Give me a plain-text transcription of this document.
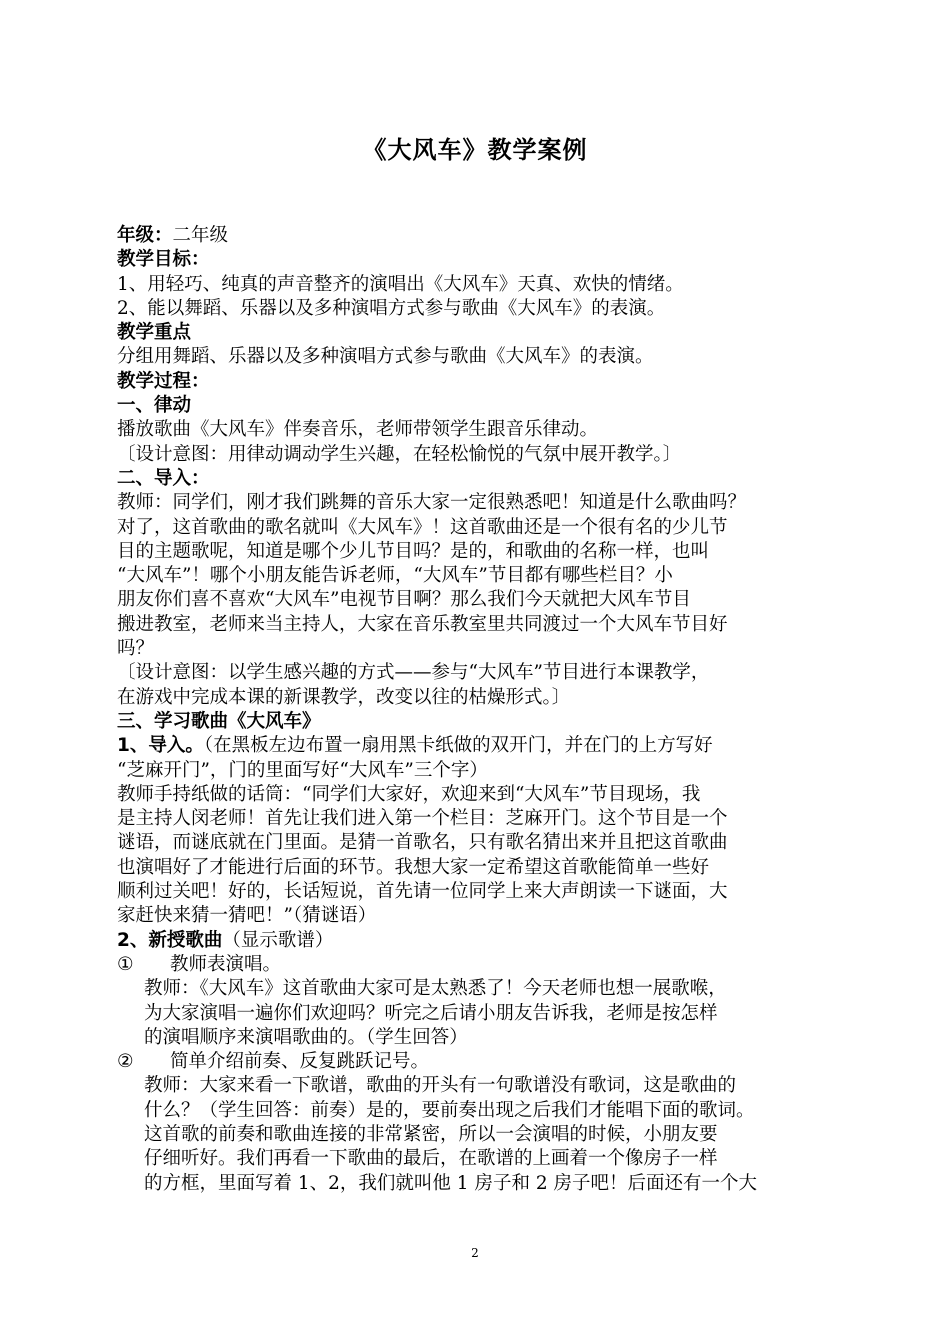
《大风车》教学案例
年级：二年级
教学目标：
1、用轻巧、纯真的声音整齐的演唱出《大风车》天真、欢快的情绪。
2、能以舞蹈、乐器以及多种演唱方式参与歌曲《大风车》的表演。
教学重点
分组用舞蹈、乐器以及多种演唱方式参与歌曲《大风车》的表演。
教学过程：
一、律动
播放歌曲《大风车》伴奏音乐，老师带领学生跟音乐律动。
〔设计意图：用律动调动学生兴趣，在轻松愉悦的气氛中展开教学。〕
二、导入：
教师：同学们，刚才我们跳舞的音乐大家一定很熟悉吧！知道是什么歌曲吗？
对了，这首歌曲的歌名就叫《大风车》！这首歌曲还是一个很有名的少儿节
目的主题歌呢，知道是哪个少儿节目吗？是的，和歌曲的名称一样，也叫
“大风车”！哪个小朋友能告诉老师，“大风车”节目都有哪些栏目？小
朋友你们喜不喜欢“大风车”电视节目啊？那么我们今天就把大风车节目
搬进教室，老师来当主持人，大家在音乐教室里共同渡过一个大风车节目好
吗？
〔设计意图：以学生感兴趣的方式——参与“大风车”节目进行本课教学，
在游戏中完成本课的新课教学，改变以往的枯燥形式。〕
三、学习歌曲《大风车》
1、导入。（在黑板左边布置一扇用黑卡纸做的双开门，并在门的上方写好
“芝麻开门”，门的里面写好“大风车”三个字）
教师手持纸做的话筒：“同学们大家好，欢迎来到“大风车”节目现场，我
是主持人闵老师！首先让我们进入第一个栏目：芝麻开门。这个节目是一个
谜语，而谜底就在门里面。是猜一首歌名，只有歌名猜出来并且把这首歌曲
也演唱好了才能进行后面的环节。我想大家一定希望这首歌能简单一些好
顺利过关吧！好的，长话短说，首先请一位同学上来大声朗读一下谜面，大
家赶快来猜一猜吧！”（猜谜语）
2、新授歌曲（显示歌谱）
① 教师表演唱。
教师：《大风车》这首歌曲大家可是太熟悉了！今天老师也想一展歌喉，
为大家演唱一遍你们欢迎吗？听完之后请小朋友告诉我，老师是按怎样
的演唱顺序来演唱歌曲的。（学生回答）
② 简单介绍前奏、反复跳跃记号。
教师：大家来看一下歌谱，歌曲的开头有一句歌谱没有歌词，这是歌曲的
什么？（学生回答：前奏）是的，要前奏出现之后我们才能唱下面的歌词。
这首歌的前奏和歌曲连接的非常紧密，所以一会演唱的时候，小朋友要
仔细听好。我们再看一下歌曲的最后，在歌谱的上画着一个像房子一样
的方框，里面写着 1、2，我们就叫他 1 房子和 2 房子吧！后面还有一个大
2
